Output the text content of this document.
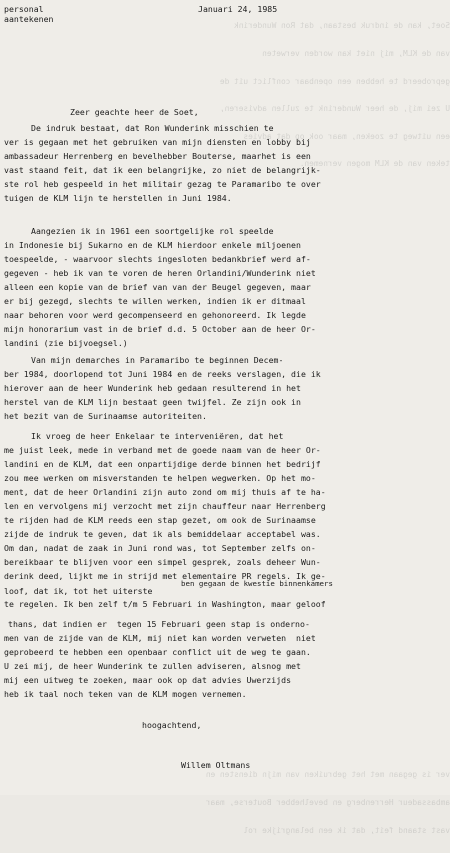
Soet, kan de indruk bestaan, dat Ron Wunderink

van de KLM, mij niet kan worden verweten

geprobeerd te hebben een openbaar conflict uit de

U zei mij, de heer Wunderink te zullen adviseren,

een uitweg te zoeken, maar ook op dat advies

teken van de KLM mogen vernemen.

ver is gegaan met het gebruiken van mijn diensten en

ambassadeur Herrenberg en bevelhebber Bouterse, maar

vast staand feit, dat ik een belangrijke rol

personal
aantekenen
Januari 24, 1985
Zeer geachte heer de Soet,
De indruk bestaat, dat Ron Wunderink misschien te
ver is gegaan met het gebruiken van mijn diensten en lobby bij
ambassadeur Herrenberg en bevelhebber Bouterse, maarhet is een
vast staand feit, dat ik een belangrijke, zo niet de belangrijk-
ste rol heb gespeeld in het militair gezag te Paramaribo te over
tuigen de KLM lijn te herstellen in Juni 1984.
Aangezien ik in 1961 een soortgelijke rol speelde
in Indonesie bij Sukarno en de KLM hierdoor enkele miljoenen
toespeelde, - waarvoor slechts ingesloten bedankbrief werd af-
gegeven - heb ik van te voren de heren Orlandini/Wunderink niet
alleen een kopie van de brief van van der Beugel gegeven, maar
er bij gezegd, slechts te willen werken, indien ik er ditmaal
naar behoren voor werd gecompenseerd en gehonoreerd. Ik legde
mijn honorarium vast in de brief d.d. 5 October aan de heer Or-
landini (zie bijvoegsel.)
Van mijn demarches in Paramaribo te beginnen Decem-
ber 1984, doorlopend tot Juni 1984 en de reeks verslagen, die ik
hierover aan de heer Wunderink heb gedaan resulterend in het
herstel van de KLM lijn bestaat geen twijfel. Ze zijn ook in
het bezit van de Surinaamse autoriteiten.
Ik vroeg de heer Enkelaar te interveniëren, dat het
me juist leek, mede in verband met de goede naam van de heer Or-
landini en de KLM, dat een onpartijdige derde binnen het bedrijf
zou mee werken om misverstanden te helpen wegwerken. Op het mo-
ment, dat de heer Orlandini zijn auto zond om mij thuis af te ha-
len en vervolgens mij verzocht met zijn chauffeur naar Herrenberg
te rijden had de KLM reeds een stap gezet, om ook de Surinaamse
zijde de indruk te geven, dat ik als bemiddelaar acceptabel was.
Om dan, nadat de zaak in Juni rond was, tot September zelfs on-
bereikbaar te blijven voor een simpel gesprek, zoals deheer Wun-
derink deed, lijkt me in strijd met elementaire PR regels. Ik ge-
loof, dat ik, tot het uiterste
ben gegaan de kwestie binnenkamers
te regelen. Ik ben zelf t/m 5 Februari in Washington, maar geloof
thans, dat indien er  tegen 15 Februari geen stap is onderno-
men van de zijde van de KLM, mij niet kan worden verweten  niet
geprobeerd te hebben een openbaar conflict uit de weg te gaan.
U zei mij, de heer Wunderink te zullen adviseren, alsnog met
mij een uitweg te zoeken, maar ook op dat advies Uwerzijds
heb ik taal noch teken van de KLM mogen vernemen.
hoogachtend,
Willem Oltmans
